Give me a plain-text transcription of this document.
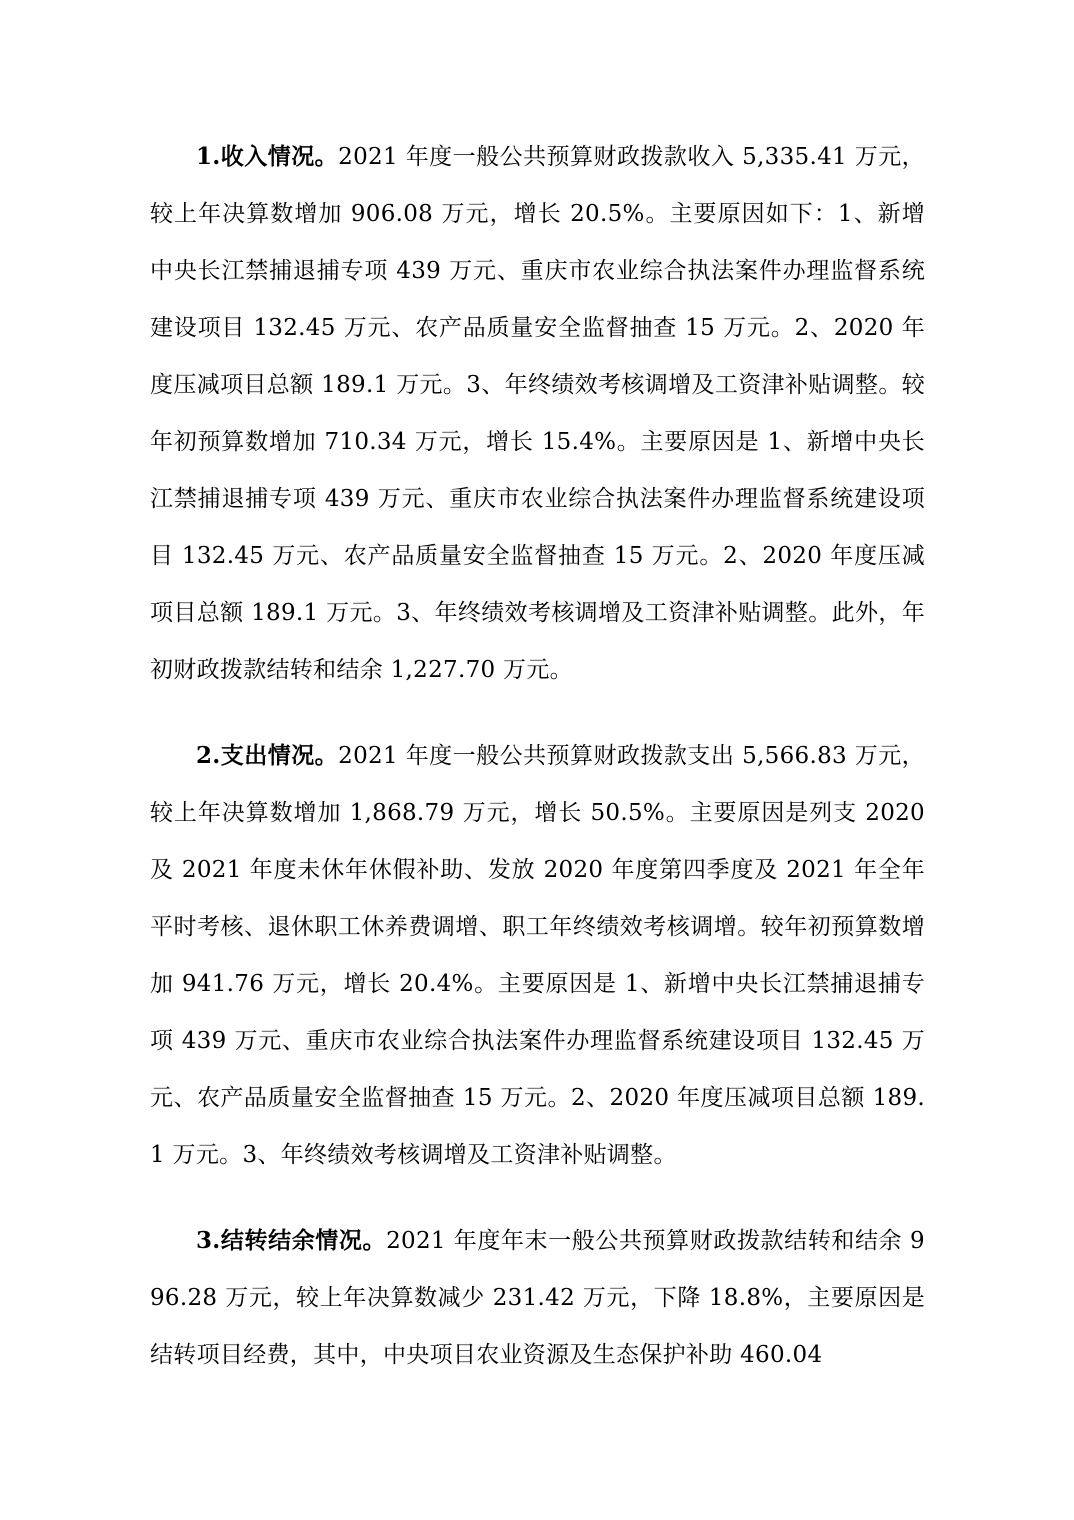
1.收入情况。2021 年度一般公共预算财政拨款收入 5,335.41 万元，较上年决算数增加 906.08 万元，增长 20.5%。主要原因如下：1、新增中央长江禁捕退捕专项 439 万元、重庆市农业综合执法案件办理监督系统建设项目 132.45 万元、农产品质量安全监督抽查 15 万元。2、2020 年度压减项目总额 189.1 万元。3、年终绩效考核调增及工资津补贴调整。较年初预算数增加 710.34 万元，增长 15.4%。主要原因是 1、新增中央长江禁捕退捕专项 439 万元、重庆市农业综合执法案件办理监督系统建设项目 132.45 万元、农产品质量安全监督抽查 15 万元。2、2020 年度压减项目总额 189.1 万元。3、年终绩效考核调增及工资津补贴调整。此外，年初财政拨款结转和结余 1,227.70 万元。

2.支出情况。2021 年度一般公共预算财政拨款支出 5,566.83 万元，较上年决算数增加 1,868.79 万元，增长 50.5%。主要原因是列支 2020 及 2021 年度未休年休假补助、发放 2020 年度第四季度及 2021 年全年平时考核、退休职工休养费调增、职工年终绩效考核调增。较年初预算数增加 941.76 万元，增长 20.4%。主要原因是 1、新增中央长江禁捕退捕专项 439 万元、重庆市农业综合执法案件办理监督系统建设项目 132.45 万元、农产品质量安全监督抽查 15 万元。2、2020 年度压减项目总额 189.1 万元。3、年终绩效考核调增及工资津补贴调整。

3.结转结余情况。2021 年度年末一般公共预算财政拨款结转和结余 996.28 万元，较上年决算数减少 231.42 万元，下降 18.8%，主要原因是结转项目经费，其中，中央项目农业资源及生态保护补助 460.04
